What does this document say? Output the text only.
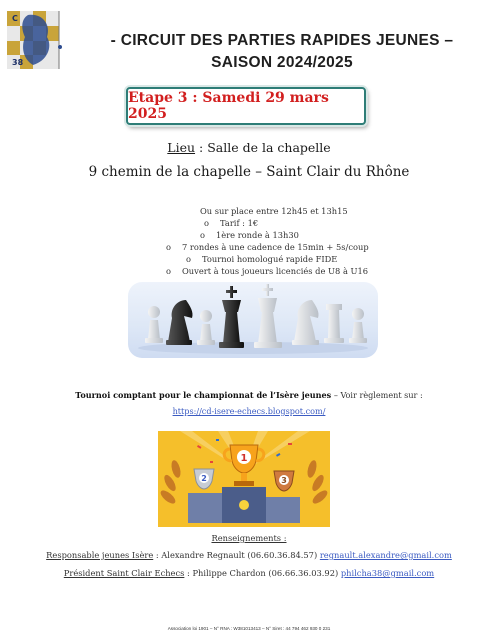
C
38
- CIRCUIT DES PARTIES RAPIDES JEUNES –
SAISON 2024/2025
Etape 3 : Samedi 29 mars 2025
Lieu : Salle de la chapelle
9 chemin de la chapelle – Saint Clair du Rhône
Ou sur place entre 12h45 et 13h15
o Tarif : 1€
o 1ère ronde à 13h30
o 7 rondes à une cadence de 15min + 5s/coup
o Tournoi homologué rapide FIDE
o Ouvert à tous joueurs licenciés de U8 à U16
Tournoi comptant pour le championnat de l’Isère jeunes – Voir règlement sur :
https://cd-isere-echecs.blogspot.com/
1
2	3
Renseignements :
Responsable jeunes Isère : Alexandre Regnault (06.60.36.84.57) regnault.alexandre@gmail.com
Président Saint Clair Echecs : Philippe Chardon (06.66.36.03.92) philcha38@gmail.com
Association loi 1901 – N° RNA : W381013413 – N° Siret : 44 794 462 930 0 231
